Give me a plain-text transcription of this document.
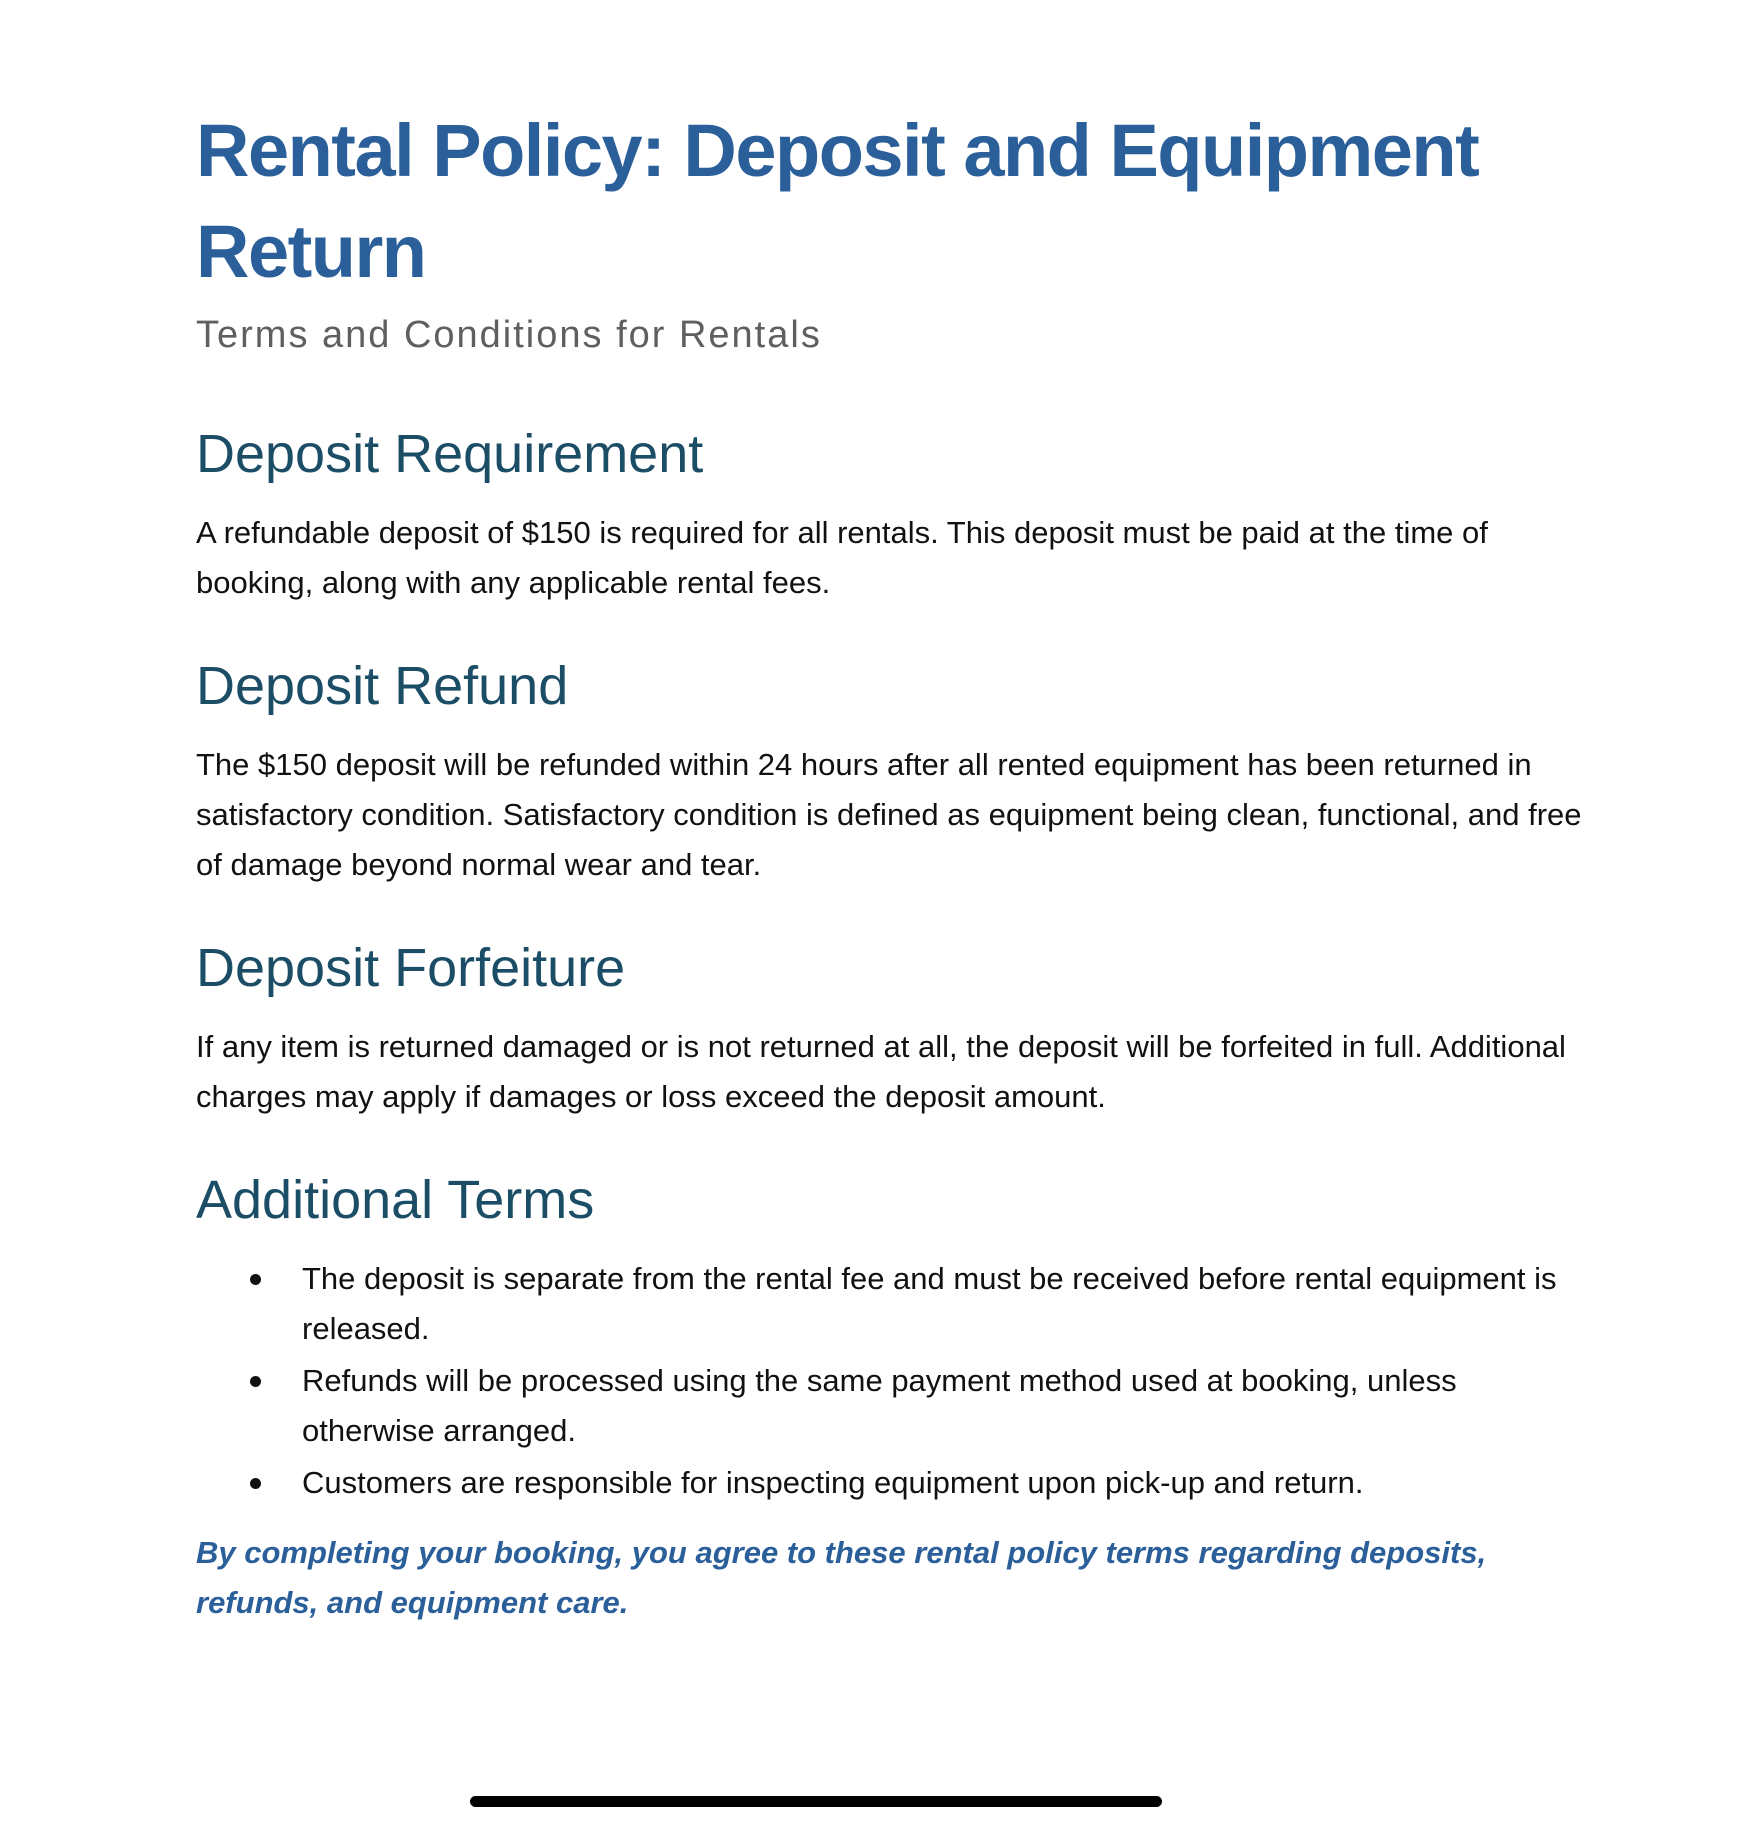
Rental Policy: Deposit and Equipment Return

Terms and Conditions for Rentals

Deposit Requirement

A refundable deposit of $150 is required for all rentals. This deposit must be paid at the time of booking, along with any applicable rental fees.

Deposit Refund

The $150 deposit will be refunded within 24 hours after all rented equipment has been returned in satisfactory condition. Satisfactory condition is defined as equipment being clean, functional, and free of damage beyond normal wear and tear.

Deposit Forfeiture

If any item is returned damaged or is not returned at all, the deposit will be forfeited in full. Additional charges may apply if damages or loss exceed the deposit amount.

Additional Terms
The deposit is separate from the rental fee and must be received before rental equipment is released.
Refunds will be processed using the same payment method used at booking, unless otherwise arranged.
Customers are responsible for inspecting equipment upon pick-up and return.

By completing your booking, you agree to these rental policy terms regarding deposits, refunds, and equipment care.
